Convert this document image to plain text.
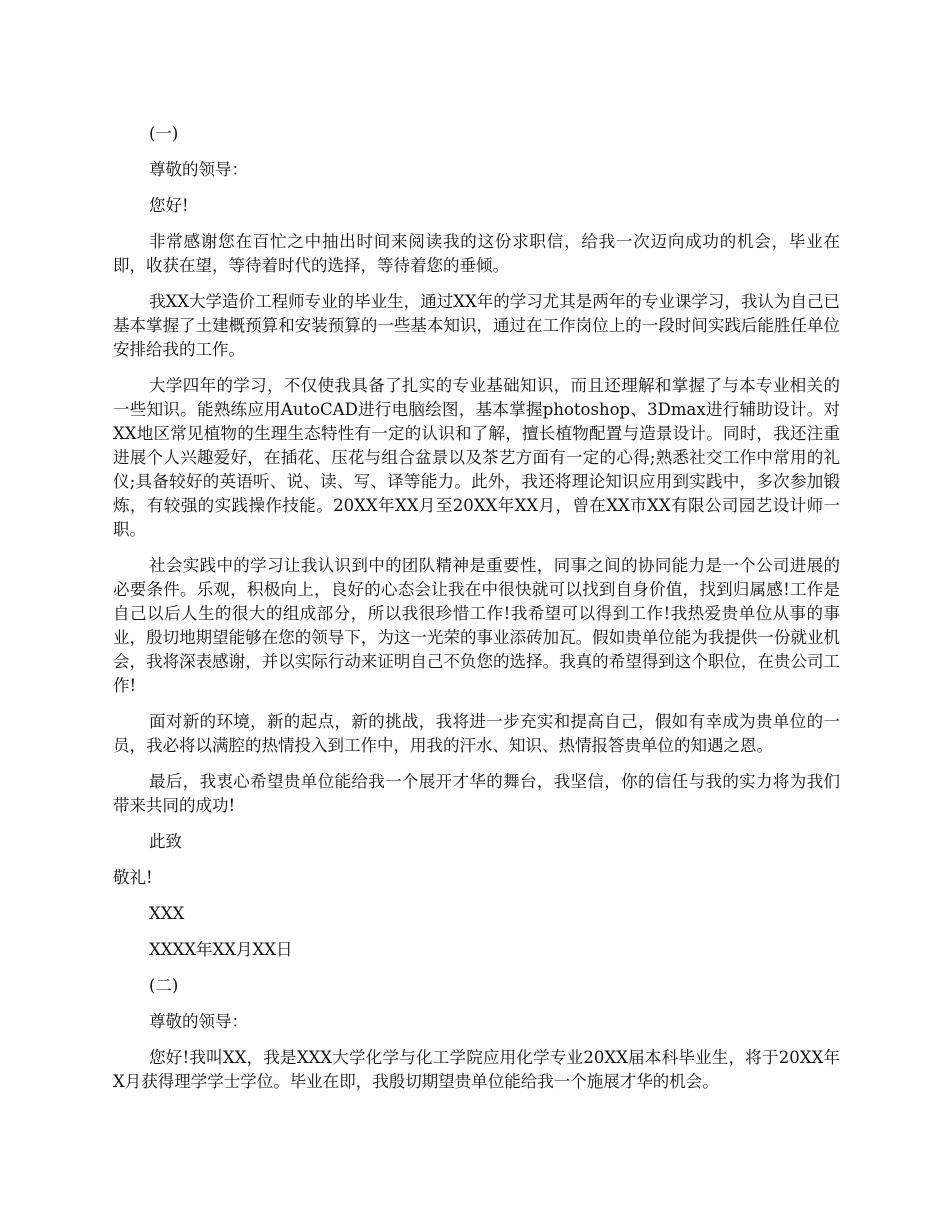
(一)

尊敬的领导：

您好!

非常感谢您在百忙之中抽出时间来阅读我的这份求职信，给我一次迈向成功的机会，毕业在即，收获在望，等待着时代的选择，等待着您的垂倾。

我XX大学造价工程师专业的毕业生，通过XX年的学习尤其是两年的专业课学习，我认为自己已基本掌握了土建概预算和安装预算的一些基本知识，通过在工作岗位上的一段时间实践后能胜任单位安排给我的工作。

大学四年的学习，不仅使我具备了扎实的专业基础知识，而且还理解和掌握了与本专业相关的一些知识。能熟练应用AutoCAD进行电脑绘图，基本掌握photoshop、3Dmax进行辅助设计。对XX地区常见植物的生理生态特性有一定的认识和了解，擅长植物配置与造景设计。同时，我还注重进展个人兴趣爱好，在插花、压花与组合盆景以及茶艺方面有一定的心得;熟悉社交工作中常用的礼仪;具备较好的英语听、说、读、写、译等能力。此外，我还将理论知识应用到实践中，多次参加锻炼，有较强的实践操作技能。20XX年XX月至20XX年XX月，曾在XX市XX有限公司园艺设计师一职。

社会实践中的学习让我认识到中的团队精神是重要性，同事之间的协同能力是一个公司进展的必要条件。乐观，积极向上，良好的心态会让我在中很快就可以找到自身价值，找到归属感!工作是自己以后人生的很大的组成部分，所以我很珍惜工作!我希望可以得到工作!我热爱贵单位从事的事业，殷切地期望能够在您的领导下，为这一光荣的事业添砖加瓦。假如贵单位能为我提供一份就业机会，我将深表感谢，并以实际行动来证明自己不负您的选择。我真的希望得到这个职位，在贵公司工作!

面对新的环境，新的起点，新的挑战，我将进一步充实和提高自己，假如有幸成为贵单位的一员，我必将以满腔的热情投入到工作中，用我的汗水、知识、热情报答贵单位的知遇之恩。

最后，我衷心希望贵单位能给我一个展开才华的舞台，我坚信，你的信任与我的实力将为我们带来共同的成功!

此致

敬礼!

XXX

XXXX年XX月XX日

(二)

尊敬的领导：

您好!我叫XX，我是XXX大学化学与化工学院应用化学专业20XX届本科毕业生，将于20XX年X月获得理学学士学位。毕业在即，我殷切期望贵单位能给我一个施展才华的机会。
